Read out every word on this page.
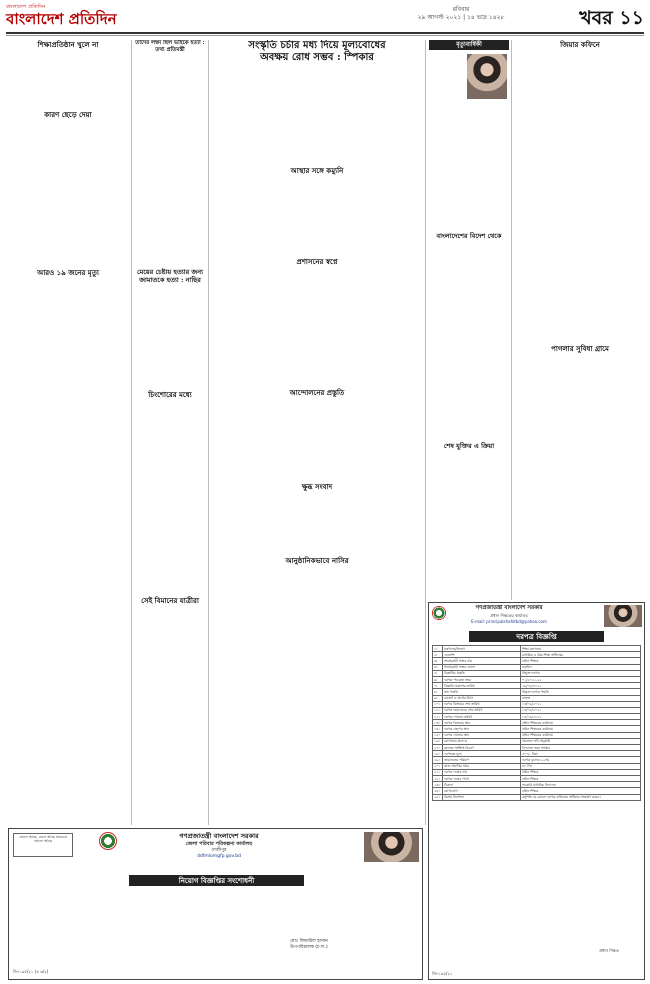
বাংলাদেশ প্রতিদিন
বাংলাদেশ প্রতিদিন
রবিবার
২৯ আগস্ট ২০২১ | ১৪ ভাদ্র ১৪২৮	খবর ১১
শিক্ষাপ্রতিষ্ঠান খুলে না
কারণ ছেড়ে দেয়া
আরও ১৯ জনের মৃত্যু
তাদের লক্ষ্য ছিল ভাইকে হত্যা : তথ্য প্রতিমন্ত্রী
মেয়ের চেষ্টায় হত্যার জন্য জামাতকে হত্যা : নাছির
চিংশোরের মধ্যে
সেই বিমানের যাত্রীরা
সংস্কৃতি চর্চার মধ্য দিয়ে মূল্যবোধের
অবক্ষয় রোধ সম্ভব : স্পিকার
আস্থার সঙ্গে কম্যুনি
প্রশাসনের স্বপ্নে
আন্দোলনের প্রস্তুতি
ক্ষুব্ধ সংবাদ
আনুষ্ঠানিকভাবে নাসির
মৃত্যুবার্ষিকী
বাংলাদেশের বিদেশ থেকে
শেষ যুক্তির এ ক্রিয়া
জিয়ার কফিনে
পাগলার সুবিধা গ্রামে
গণপ্রজাতন্ত্রী বাংলাদেশ সরকার
প্রধান শিক্ষকের কার্যালয়
E-mail: principalshahitbd@yahoo.com
দরপত্র বিজ্ঞপ্তি
১।	মন্ত্রণালয়/বিভাগ	শিক্ষা মন্ত্রণালয়
২।	এজেন্সি	মাধ্যমিক ও উচ্চ শিক্ষা অধিদপ্তর
৩।	সংগ্রহকারী সত্তার নাম	প্রধান শিক্ষক
৪।	সংগ্রহকারী সত্তার জেলা	নড়াইল
৫।	বিজ্ঞপ্তির প্রকৃতি	উন্মুক্ত দরপত্র
৬।	দরপত্র প্যাকেজ নম্বর	০১/২০২১-২২
৭।	বিজ্ঞপ্তি প্রকাশের তারিখ	২৯/০৮/২০২১
৮।	ক্রয় পদ্ধতি	উন্মুক্ত দরপত্র পদ্ধতি
৯।	বাজেট ও অর্থের উৎস	রাজস্ব
১০।	দরপত্র বিক্রয়ের শেষ তারিখ	১৩/০৯/২০২১
১১।	দরপত্র জমাদানের শেষ তারিখ	১৪/০৯/২০২১
১২।	দরপত্র খোলার তারিখ	১৪/০৯/২০২১
১৩।	দরপত্র বিক্রয়ের স্থান	প্রধান শিক্ষকের কার্যালয়
১৪।	দরপত্র গ্রহণের স্থান	প্রধান শিক্ষকের কার্যালয়
১৫।	দরপত্র খোলার স্থান	প্রধান শিক্ষকের কার্যালয়
১৬।	যোগ্যতার মানদণ্ড	প্রযোজ্য নথি অনুযায়ী
১৭।	কাজের সংক্ষিপ্ত বিবরণ	বিদ্যালয় ভবন সংস্কার
১৮।	দরপত্রের মূল্য	৫০০/- টাকা
১৯।	জামানতের পরিমাণ	দরপত্র মূল্যের ২.৫%
২০।	কাজ সমাপ্তির সময়	৬০ দিন
২১।	দরপত্র দাতার নাম	প্রধান শিক্ষক
২২।	দরপত্র দাতার পদবি	প্রধান শিক্ষক
২৩।	ঠিকানা	সরকারি মাধ্যমিক বিদ্যালয়
২৪।	যোগাযোগ	প্রধান শিক্ষক
২৫।	বিশেষ নির্দেশনা	কর্তৃপক্ষ যে কোনো দরপত্র বাতিলের অধিকার সংরক্ষণ করেন।
প্রধান শিক্ষক
জি-১৯৫/২১
জেলে আছে, মেলে আছে সবচেয়ে ভালো আছে
গণপ্রজাতন্ত্রী বাংলাদেশ সরকার
জেলা পরিবার পরিকল্পনা কার্যালয়
গাজীপুর
ddfmlomgfp.gov.bd
নিয়োগ বিজ্ঞপ্তির সংশোধনী
মোঃ জিয়াউল হাসান
উপপরিচালক (চ.দা.)
জি-১৯৫/২১ (৪ ৬/২)
